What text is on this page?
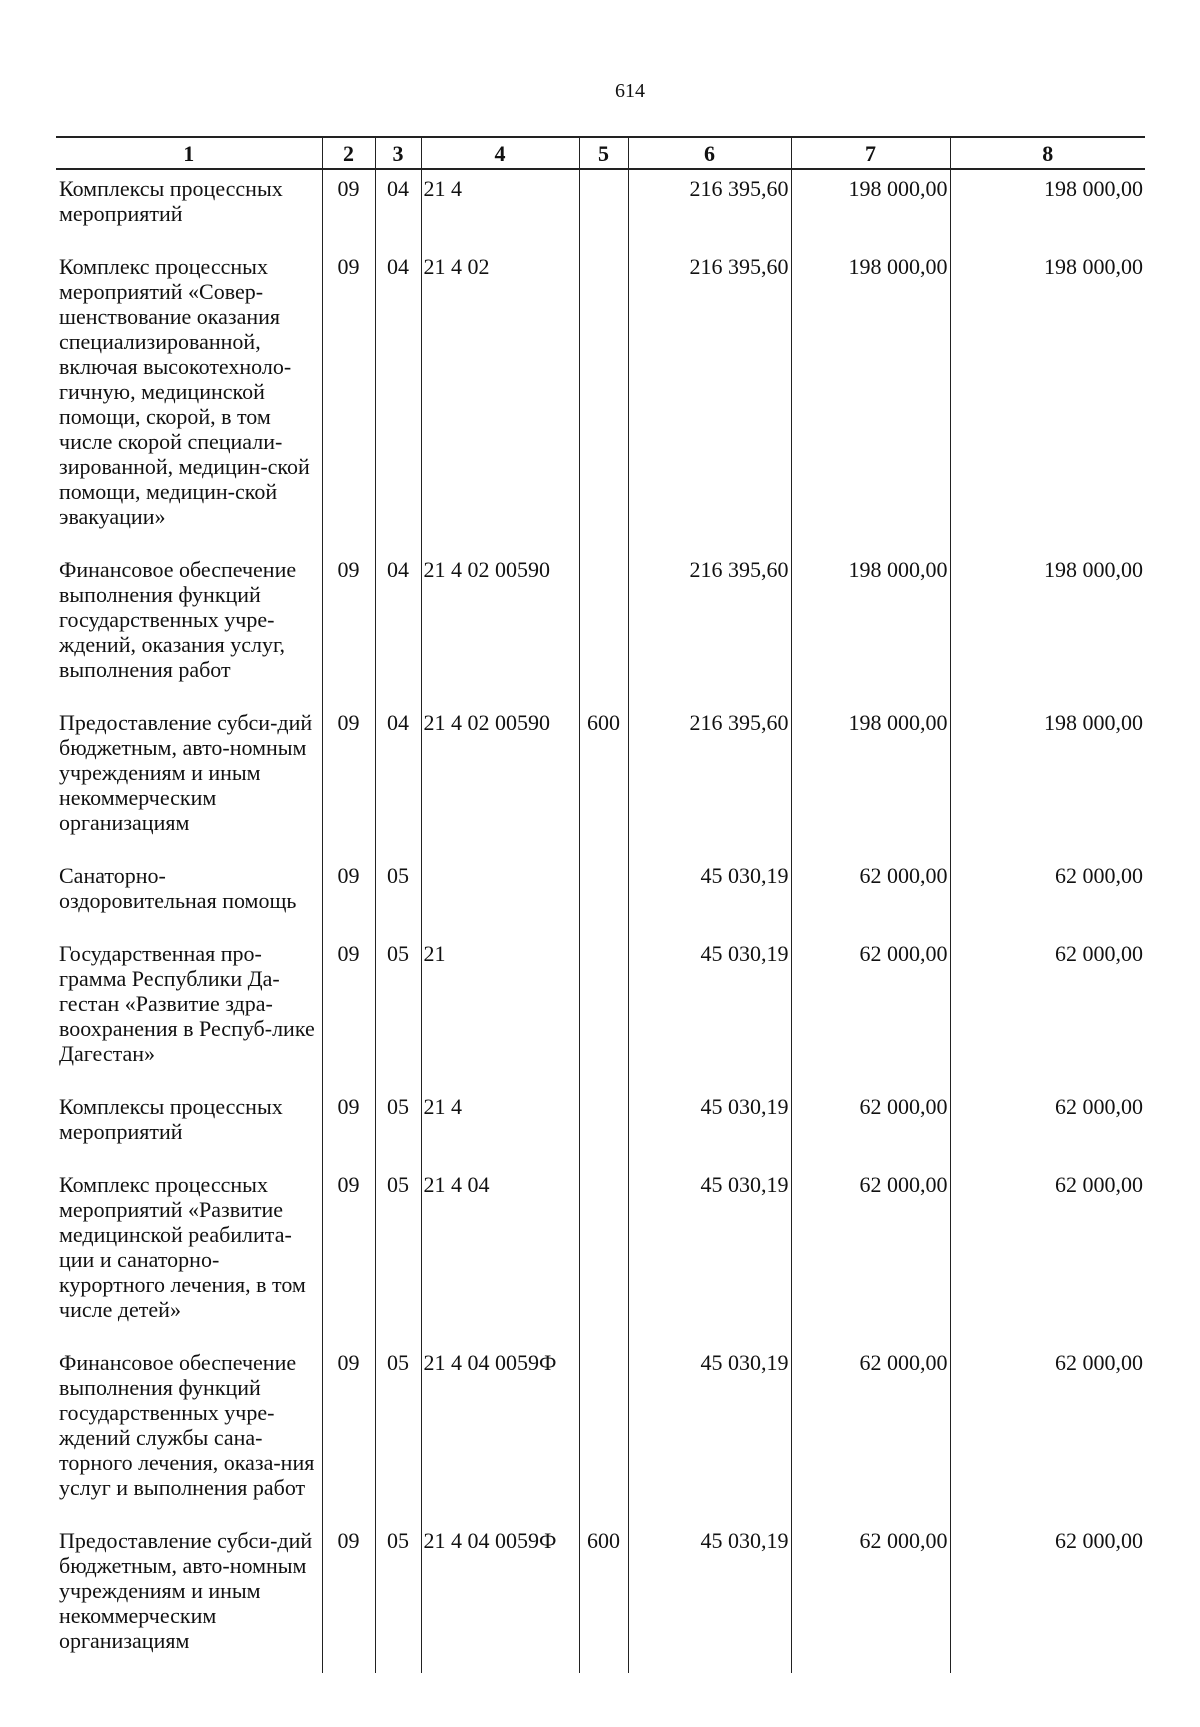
614
1	2	3	4	5	6	7	8
Комплексы процессных мероприятий	09	04	21 4		216 395,60	198 000,00	198 000,00
Комплекс процессных мероприятий «Совер-шенствование оказания специализированной, включая высокотехноло-гичную, медицинской помощи, скорой, в том числе скорой специали-зированной, медицин-ской помощи, медицин-ской эвакуации»	09	04	21 4 02		216 395,60	198 000,00	198 000,00
Финансовое обеспечение выполнения функций государственных учре-ждений, оказания услуг, выполнения работ	09	04	21 4 02 00590		216 395,60	198 000,00	198 000,00
Предоставление субси-дий бюджетным, авто-номным учреждениям и иным некоммерческим организациям	09	04	21 4 02 00590	600	216 395,60	198 000,00	198 000,00
Санаторно-оздоровительная помощь	09	05			45 030,19	62 000,00	62 000,00
Государственная про-грамма Республики Да-гестан «Развитие здра-воохранения в Респуб-лике Дагестан»	09	05	21		45 030,19	62 000,00	62 000,00
Комплексы процессных мероприятий	09	05	21 4		45 030,19	62 000,00	62 000,00
Комплекс процессных мероприятий «Развитие медицинской реабилита-ции и санаторно-курортного лечения, в том числе детей»	09	05	21 4 04		45 030,19	62 000,00	62 000,00
Финансовое обеспечение выполнения функций государственных учре-ждений службы сана-торного лечения, оказа-ния услуг и выполнения работ	09	05	21 4 04 0059Ф		45 030,19	62 000,00	62 000,00
Предоставление субси-дий бюджетным, авто-номным учреждениям и иным некоммерческим организациям	09	05	21 4 04 0059Ф	600	45 030,19	62 000,00	62 000,00
